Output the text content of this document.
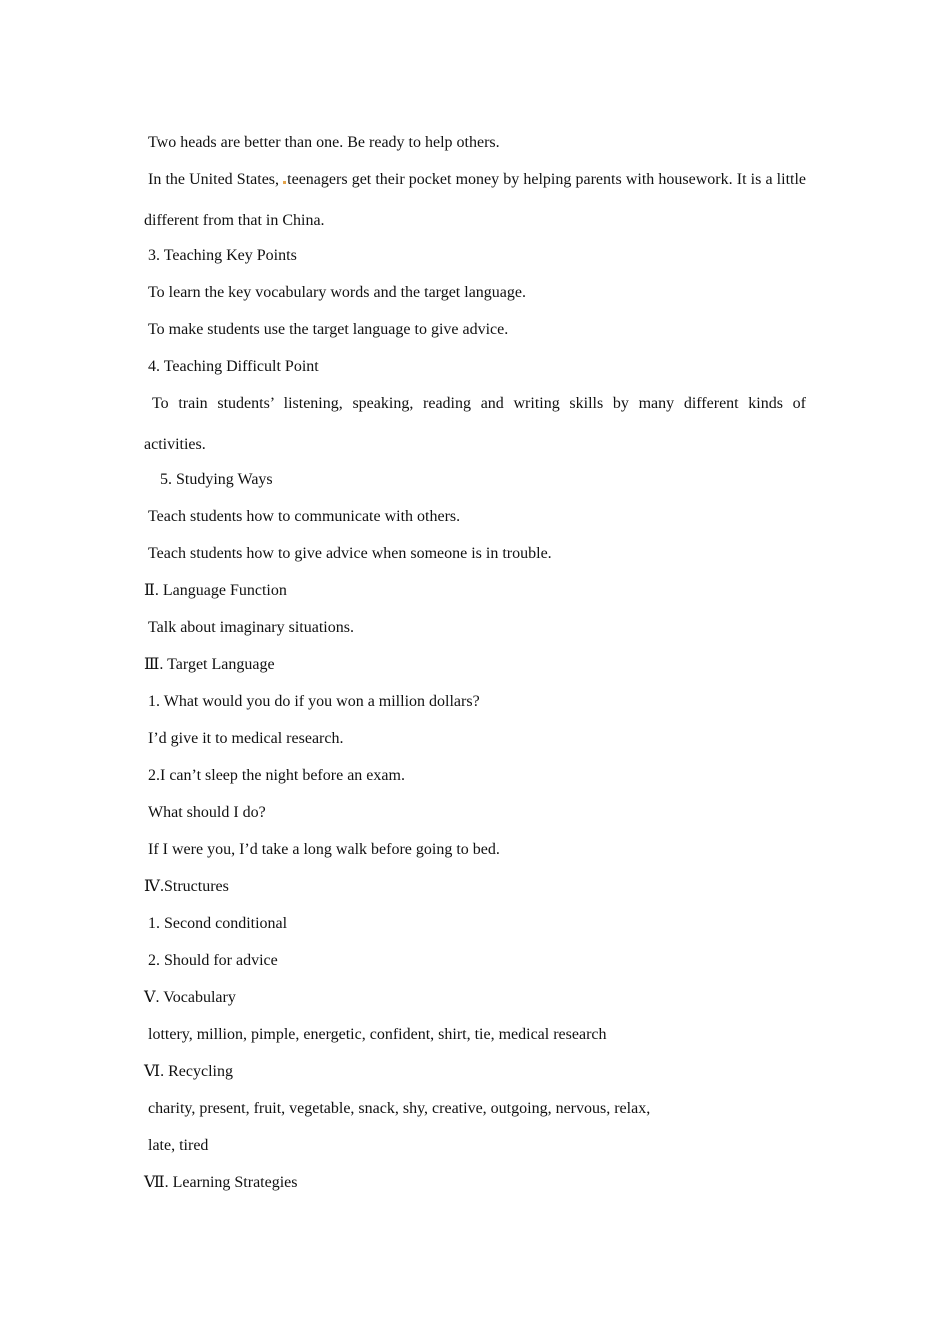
Two heads are better than one. Be ready to help others.
In the United States, teenagers get their pocket money by helping parents with housework. It is a little different from that in China.
3. Teaching Key Points
To learn the key vocabulary words and the target language.
To make students use the target language to give advice.
4. Teaching Difficult Point
To train students’ listening, speaking, reading and writing skills by many different kinds of activities.
5. Studying Ways
Teach students how to communicate with others.
Teach students how to give advice when someone is in trouble.
Ⅱ. Language Function
Talk about imaginary situations.
Ⅲ. Target Language
1. What would you do if you won a million dollars?
I’d give it to medical research.
2.I can’t sleep the night before an exam.
What should I do?
If I were you, I’d take a long walk before going to bed.
Ⅳ.Structures
1. Second conditional
2. Should for advice
Ⅴ. Vocabulary
lottery, million, pimple, energetic, confident, shirt, tie, medical research
Ⅵ. Recycling
charity, present, fruit, vegetable, snack, shy, creative, outgoing, nervous, relax,
late, tired
Ⅶ. Learning Strategies
